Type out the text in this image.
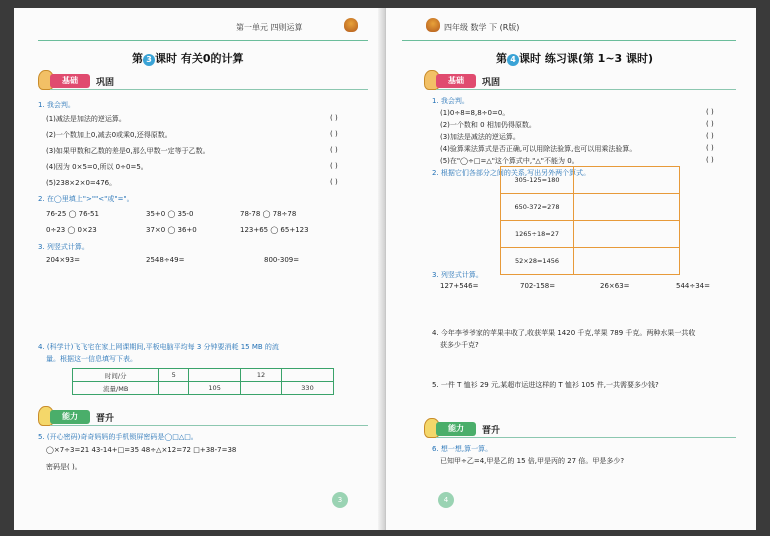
第一单元 四则运算
第 3 课时 有关0的计算
基础	巩固
1. 我会判。
(1)减法是加法的逆运算。	( )
(2)一个数加上0,减去0或乘0,还得原数。	( )
(3)如果甲数和乙数的差是0,那么甲数一定等于乙数。	( )
(4)因为 0×5=0,所以 0÷0=5。	( )
(5)238×2×0=476。	( )
2. 在◯里填上">""<"或"="。
76-25 ◯ 76-51	35+0 ◯ 35-0	78-78 ◯ 78÷78
0÷23 ◯ 0×23	37×0 ◯ 36+0	123+65 ◯ 65+123
3. 列竖式计算。
204×93=	2548÷49=	800-309=
4. (科学计)飞飞宅在家上网课期间,平板电脑平均每 3 分钟要消耗 15 MB 的流
量。根据这一信息填写下表。
时间/分	5		12	
流量/MB		105		330
能力	晋升
5. (开心密码)奇奇妈妈的手机锁屏密码是◯□△□。
◯×7÷3=21 43-14+□=35 48÷△×12=72 □+38-7=38
密码是( )。
3
四年级 数学 下 (R版)
第 4 课时 练习课(第 1~3 课时)
基础	巩固
1. 我会判。
(1)0÷8=8,8÷0=0。	( )
(2)一个数和 0 相加仍得原数。	( )
(3)加法是减法的逆运算。	( )
(4)验算乘法算式是否正确,可以用除法验算,也可以用乘法验算。	( )
(5)在"◯÷□=△"这个算式中,"△"不能为 0。	( )
2. 根据它们各部分之间的关系,写出另外两个算式。
305-125=180
650-372=278
1265÷18=27
52×28=1456
3. 列竖式计算。
127+546=	702-158=	26×63=	544÷34=
4. 今年李爷爷家的苹果丰收了,收获苹果 1420 千克,苹果 789 千克。两种水果一共收
获多少千克?
5. 一件 T 恤衫 29 元,某超市运进这样的 T 恤衫 105 件,一共需要多少钱?
能力	晋升
6. 想一想,算一算。
已知甲÷乙=4,甲是乙的 15 倍,甲是丙的 27 倍。甲是多少?
4
